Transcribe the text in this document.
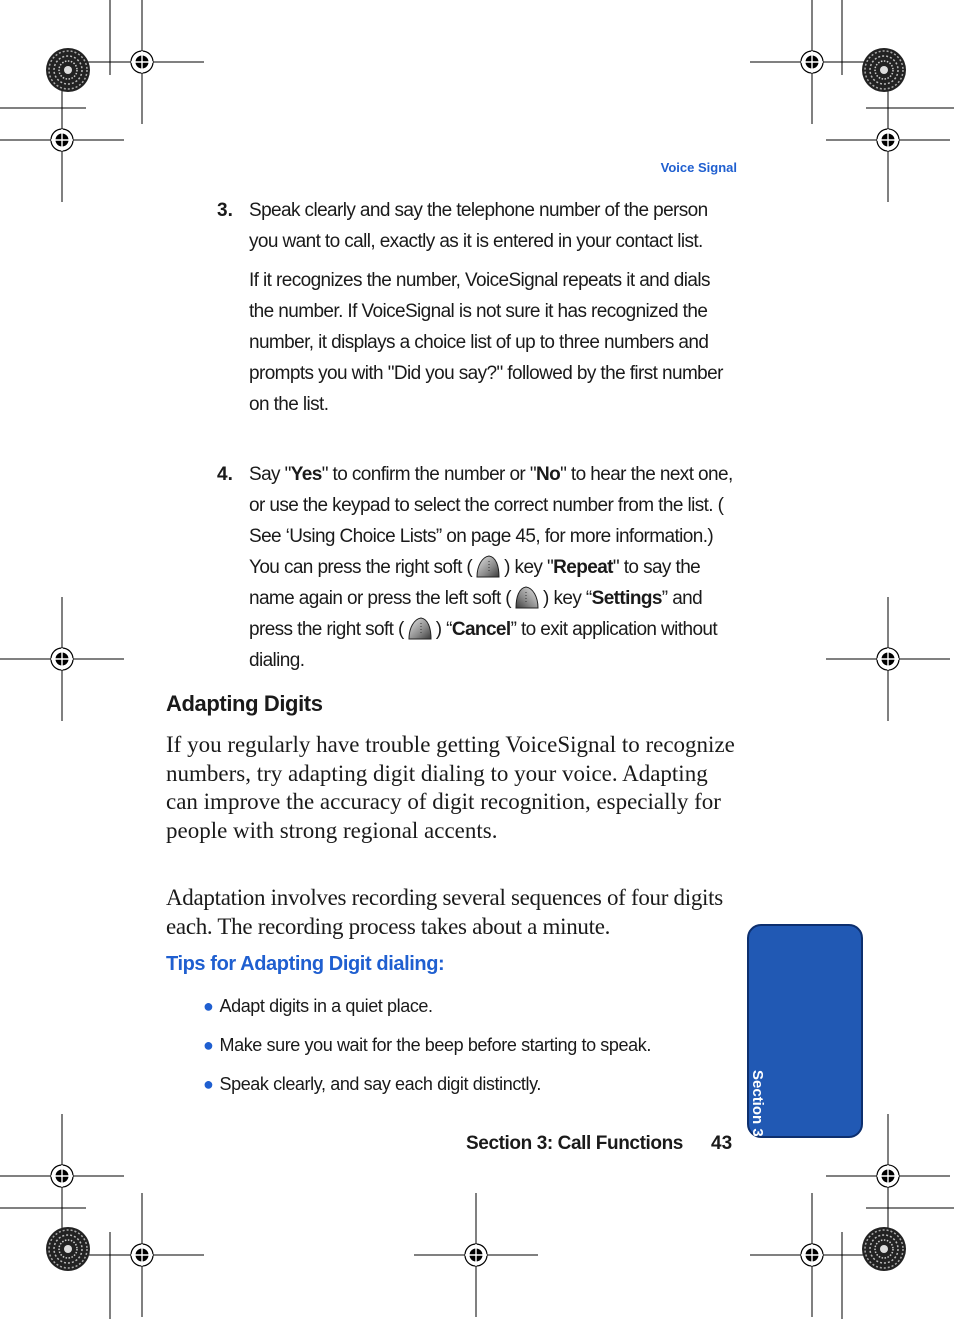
Voice Signal
3. Speak clearly and say the telephone number of the person you want to call, exactly as it is entered in your contact list.

If it recognizes the number, VoiceSignal repeats it and dials the number. If VoiceSignal is not sure it has recognized the number, it displays a choice list of up to three numbers and prompts you with "Did you say?" followed by the first number on the list.

4. Say "Yes" to confirm the number or "No" to hear the next one, or use the keypad to select the correct number from the list. ( See ‘Using Choice Lists” on page 45, for more information.) You can press the right soft ( ) key "Repeat" to say the name again or press the left soft ( ) key “Settings” and press the right soft ( ) “Cancel” to exit application without dialing.
Adapting Digits

If you regularly have trouble getting VoiceSignal to recognize numbers, try adapting digit dialing to your voice. Adapting can improve the accuracy of digit recognition, especially for people with strong regional accents.

Adaptation involves recording several sequences of four digits each. The recording process takes about a minute.

Tips for Adapting Digit dialing:
● Adapt digits in a quiet place.
● Make sure you wait for the beep before starting to speak.
● Speak clearly, and say each digit distinctly.	Section 3
Section 3: Call Functions 43
